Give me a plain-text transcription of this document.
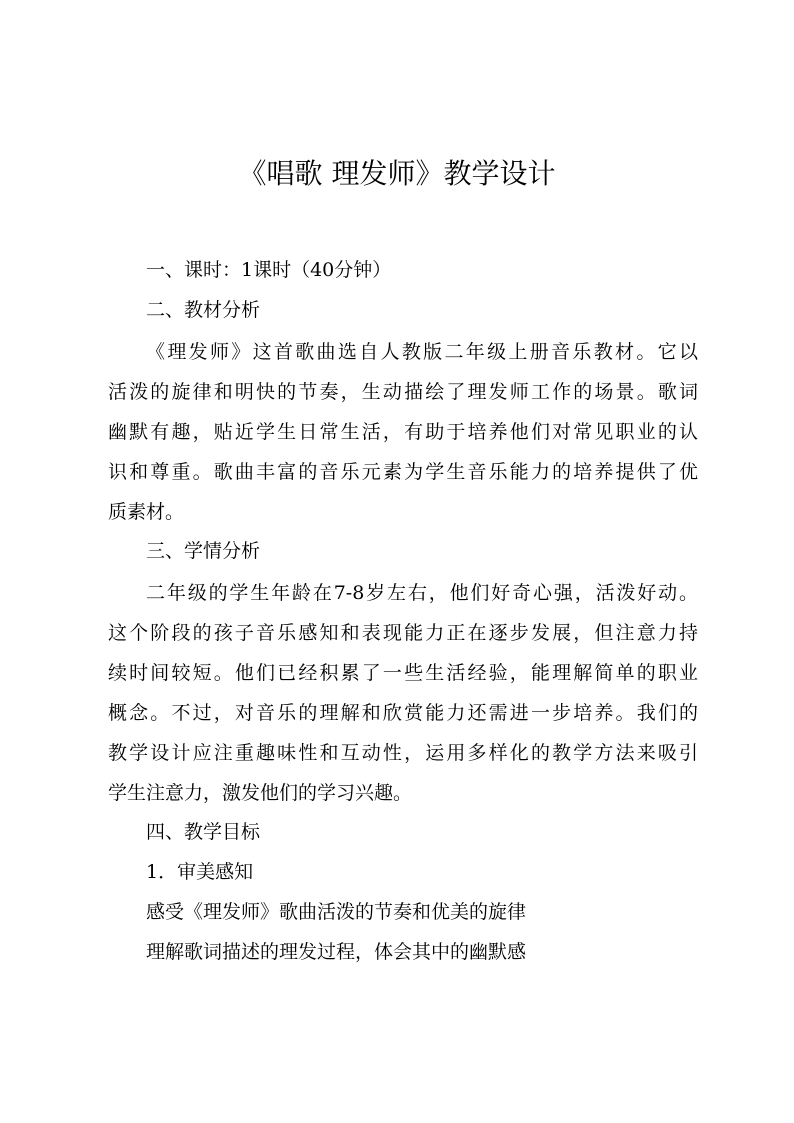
《唱歌 理发师》教学设计
一、课时：1课时（40分钟）
二、教材分析
《理发师》这首歌曲选自人教版二年级上册音乐教材。它以
活泼的旋律和明快的节奏，生动描绘了理发师工作的场景。歌词
幽默有趣，贴近学生日常生活，有助于培养他们对常见职业的认
识和尊重。歌曲丰富的音乐元素为学生音乐能力的培养提供了优
质素材。
三、学情分析
二年级的学生年龄在7-8岁左右，他们好奇心强，活泼好动。
这个阶段的孩子音乐感知和表现能力正在逐步发展，但注意力持
续时间较短。他们已经积累了一些生活经验，能理解简单的职业
概念。不过，对音乐的理解和欣赏能力还需进一步培养。我们的
教学设计应注重趣味性和互动性，运用多样化的教学方法来吸引
学生注意力，激发他们的学习兴趣。
四、教学目标
1．审美感知
感受《理发师》歌曲活泼的节奏和优美的旋律
理解歌词描述的理发过程，体会其中的幽默感
